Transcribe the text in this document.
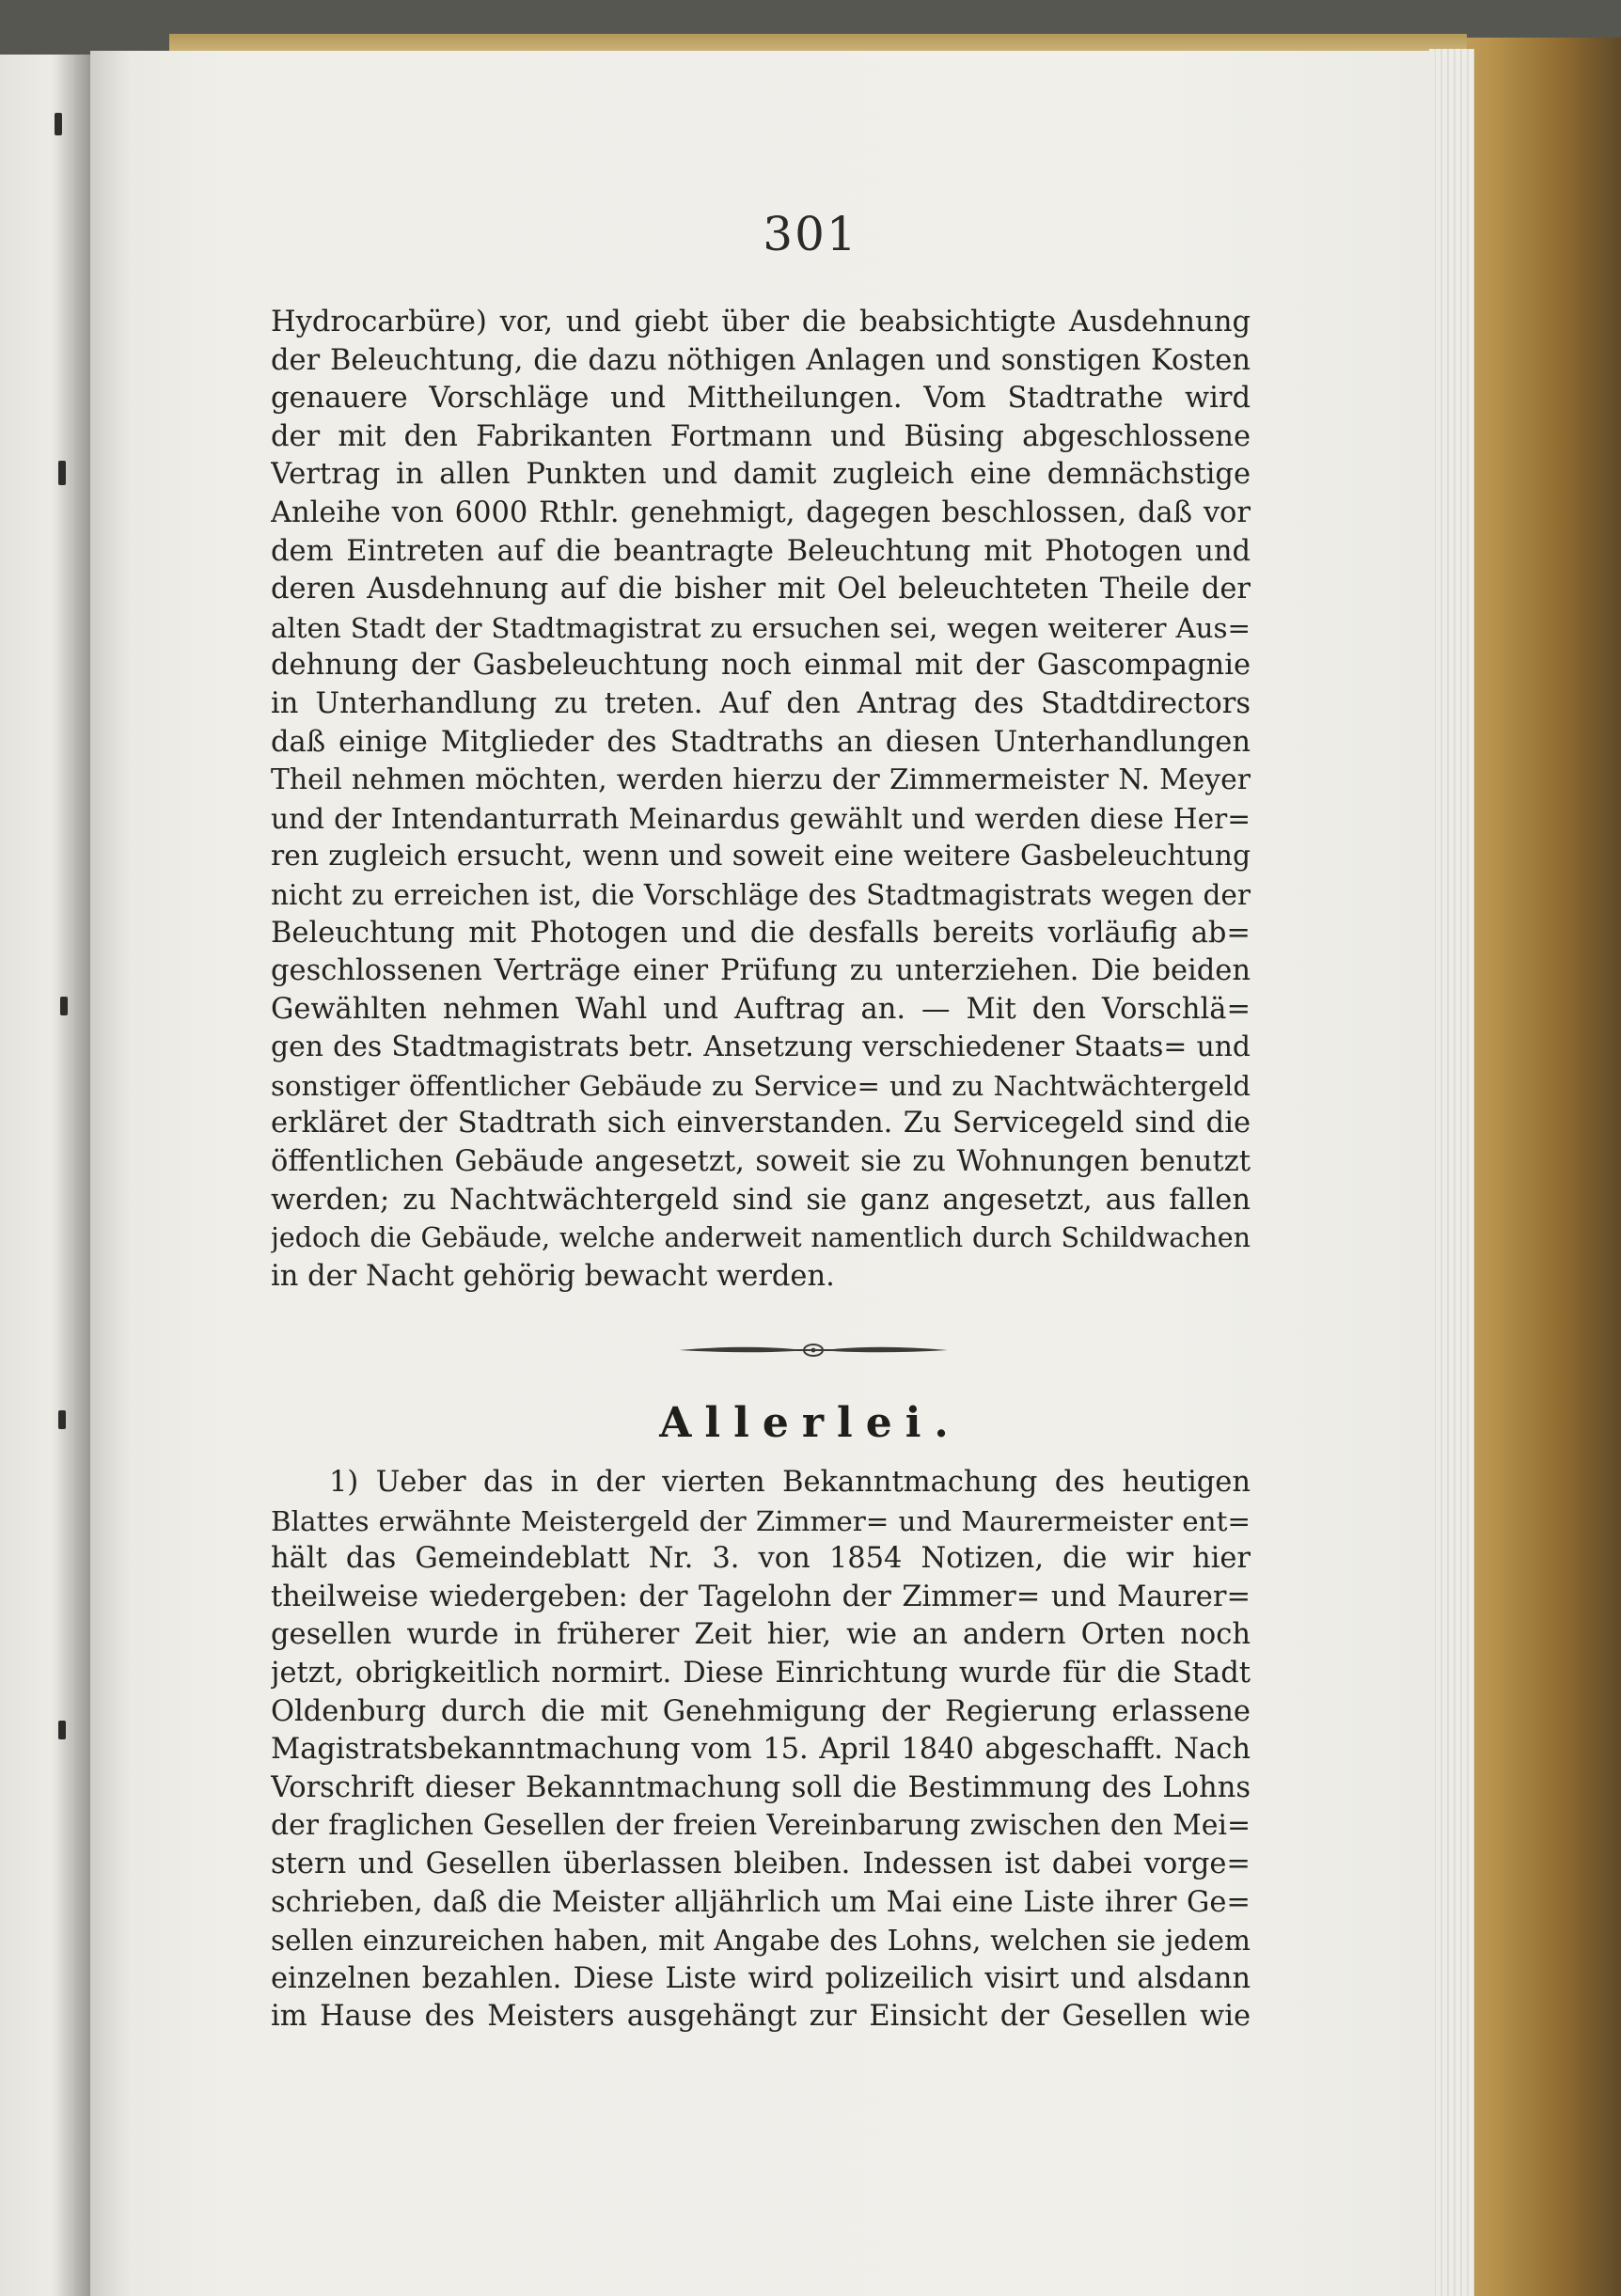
301
Hydrocarbüre) vor, und giebt über die beabsichtigte Ausdehnung
der Beleuchtung, die dazu nöthigen Anlagen und sonstigen Kosten
genauere Vorschläge und Mittheilungen. Vom Stadtrathe wird
der mit den Fabrikanten Fortmann und Büsing abgeschlossene
Vertrag in allen Punkten und damit zugleich eine demnächstige
Anleihe von 6000 Rthlr. genehmigt, dagegen beschlossen, daß vor
dem Eintreten auf die beantragte Beleuchtung mit Photogen und
deren Ausdehnung auf die bisher mit Oel beleuchteten Theile der
alten Stadt der Stadtmagistrat zu ersuchen sei, wegen weiterer Aus=
dehnung der Gasbeleuchtung noch einmal mit der Gascompagnie
in Unterhandlung zu treten. Auf den Antrag des Stadtdirectors
daß einige Mitglieder des Stadtraths an diesen Unterhandlungen
Theil nehmen möchten, werden hierzu der Zimmermeister N. Meyer
und der Intendanturrath Meinardus gewählt und werden diese Her=
ren zugleich ersucht, wenn und soweit eine weitere Gasbeleuchtung
nicht zu erreichen ist, die Vorschläge des Stadtmagistrats wegen der
Beleuchtung mit Photogen und die desfalls bereits vorläufig ab=
geschlossenen Verträge einer Prüfung zu unterziehen. Die beiden
Gewählten nehmen Wahl und Auftrag an. — Mit den Vorschlä=
gen des Stadtmagistrats betr. Ansetzung verschiedener Staats= und
sonstiger öffentlicher Gebäude zu Service= und zu Nachtwächtergeld
erkläret der Stadtrath sich einverstanden. Zu Servicegeld sind die
öffentlichen Gebäude angesetzt, soweit sie zu Wohnungen benutzt
werden; zu Nachtwächtergeld sind sie ganz angesetzt, aus fallen
jedoch die Gebäude, welche anderweit namentlich durch Schildwachen
in der Nacht gehörig bewacht werden.
Allerlei.
1) Ueber das in der vierten Bekanntmachung des heutigen
Blattes erwähnte Meistergeld der Zimmer= und Maurermeister ent=
hält das Gemeindeblatt Nr. 3. von 1854 Notizen, die wir hier
theilweise wiedergeben: der Tagelohn der Zimmer= und Maurer=
gesellen wurde in früherer Zeit hier, wie an andern Orten noch
jetzt, obrigkeitlich normirt. Diese Einrichtung wurde für die Stadt
Oldenburg durch die mit Genehmigung der Regierung erlassene
Magistratsbekanntmachung vom 15. April 1840 abgeschafft. Nach
Vorschrift dieser Bekanntmachung soll die Bestimmung des Lohns
der fraglichen Gesellen der freien Vereinbarung zwischen den Mei=
stern und Gesellen überlassen bleiben. Indessen ist dabei vorge=
schrieben, daß die Meister alljährlich um Mai eine Liste ihrer Ge=
sellen einzureichen haben, mit Angabe des Lohns, welchen sie jedem
einzelnen bezahlen. Diese Liste wird polizeilich visirt und alsdann
im Hause des Meisters ausgehängt zur Einsicht der Gesellen wie
